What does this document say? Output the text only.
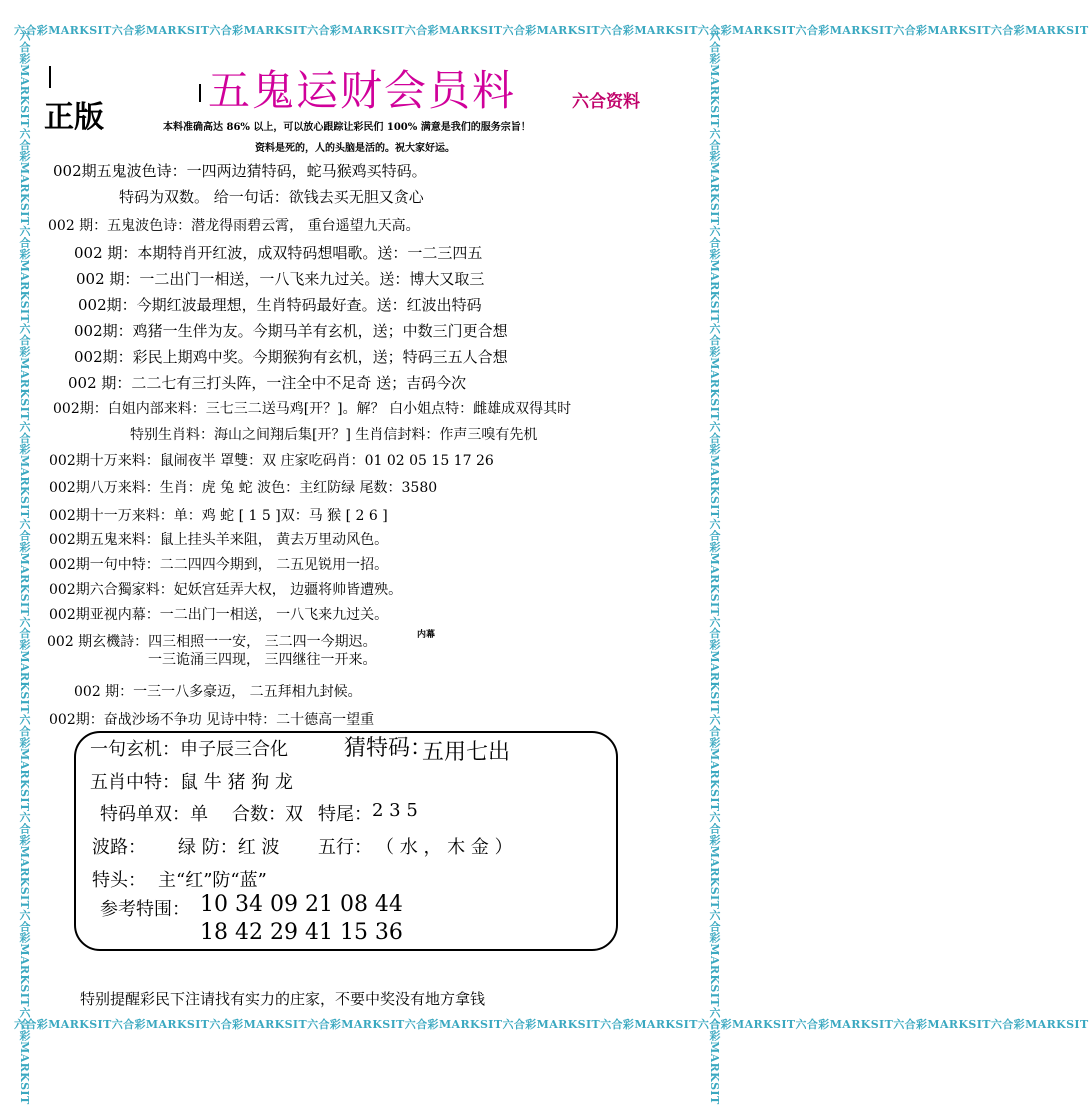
六合彩MARKSIT六合彩MARKSIT六合彩MARKSIT六合彩MARKSIT六合彩MARKSIT六合彩MARKSIT六合彩MARKSIT六合彩MARKSIT六合彩MARKSIT六合彩MARKSIT六合彩MARKSIT
六合彩MARKSIT六合彩MARKSIT六合彩MARKSIT六合彩MARKSIT六合彩MARKSIT六合彩MARKSIT六合彩MARKSIT六合彩MARKSIT六合彩MARKSIT六合彩MARKSIT六合彩MARKSIT
六合彩MARKSIT六合彩MARKSIT六合彩MARKSIT六合彩MARKSIT六合彩MARKSIT六合彩MARKSIT六合彩MARKSIT六合彩MARKSIT六合彩MARKSIT六合彩MARKSIT六合彩MARKSIT	六合彩MARKSIT六合彩MARKSIT六合彩MARKSIT六合彩MARKSIT六合彩MARKSIT六合彩MARKSIT六合彩MARKSIT六合彩MARKSIT六合彩MARKSIT六合彩MARKSIT六合彩MARKSIT
五鬼运财会员料
正版	六合资料
本料准确高达 86% 以上，可以放心跟踪让彩民们 100% 满意是我们的服务宗旨！
资料是死的，人的头脑是活的。祝大家好运。
002期五鬼波色诗：一四两边猜特码，蛇马猴鸡买特码。
特码为双数。 给一句话：欲钱去买无胆又贪心
002 期：五鬼波色诗：潜龙得雨碧云霄， 重台遥望九天高。
002 期：本期特肖开红波，成双特码想唱歌。送：一二三四五
002 期：一二出门一相送，一八飞来九过关。送：博大又取三
002期：今期红波最理想，生肖特码最好查。送：红波出特码
002期：鸡猪一生伴为友。今期马羊有玄机，送；中数三门更合想
002期：彩民上期鸡中奖。今期猴狗有玄机，送；特码三五人合想
002 期：二二七有三打头阵，一注全中不足奇 送；吉码今次
002期：白姐内部来料：三七三二送马鸡[开？]。解？ 白小姐点特：雌雄成双得其时
特别生肖料：海山之间翔后集[开？] 生肖信封料：作声三嗅有先机
002期十万来料：鼠闹夜半 罩雙：双 庄家吃码肖：01 02 05 15 17 26
002期八万来料：生肖：虎 兔 蛇 波色：主红防绿 尾数：3580
002期十一万来料：单：鸡 蛇 [ 1 5 ]双：马 猴 [ 2 6 ]
002期五鬼来料：鼠上挂头羊来阻， 黄去万里动风色。
002期一句中特：二二四四今期到， 二五见锐用一招。
002期六合獨家料：妃妖宫廷弄大权， 边疆将帅皆遭殃。
002期亚视内幕：一二出门一相送， 一八飞来九过关。
002 期玄機詩：四三相照一一安， 三二四一今期迟。	内幕
一三诡涌三四现， 三四继往一开来。
002 期：一三一八多豪迈， 二五拜相九封候。
002期：奋战沙场不争功 见诗中特：二十德高一望重
一句玄机： 申子辰三合化	猜特码：
五用七出
五肖中特： 鼠 牛 猪 狗 龙
特码单双： 单 合数： 双 特尾： 2 3 5
波路： 绿 防：红 波 五行： （ 水 ， 木 金 ）
特头： 主“红”防“蓝”
参考特围： 10 34 09 21 08 44
18 42 29 41 15 36
特别提醒彩民下注请找有实力的庄家，不要中奖没有地方拿钱
